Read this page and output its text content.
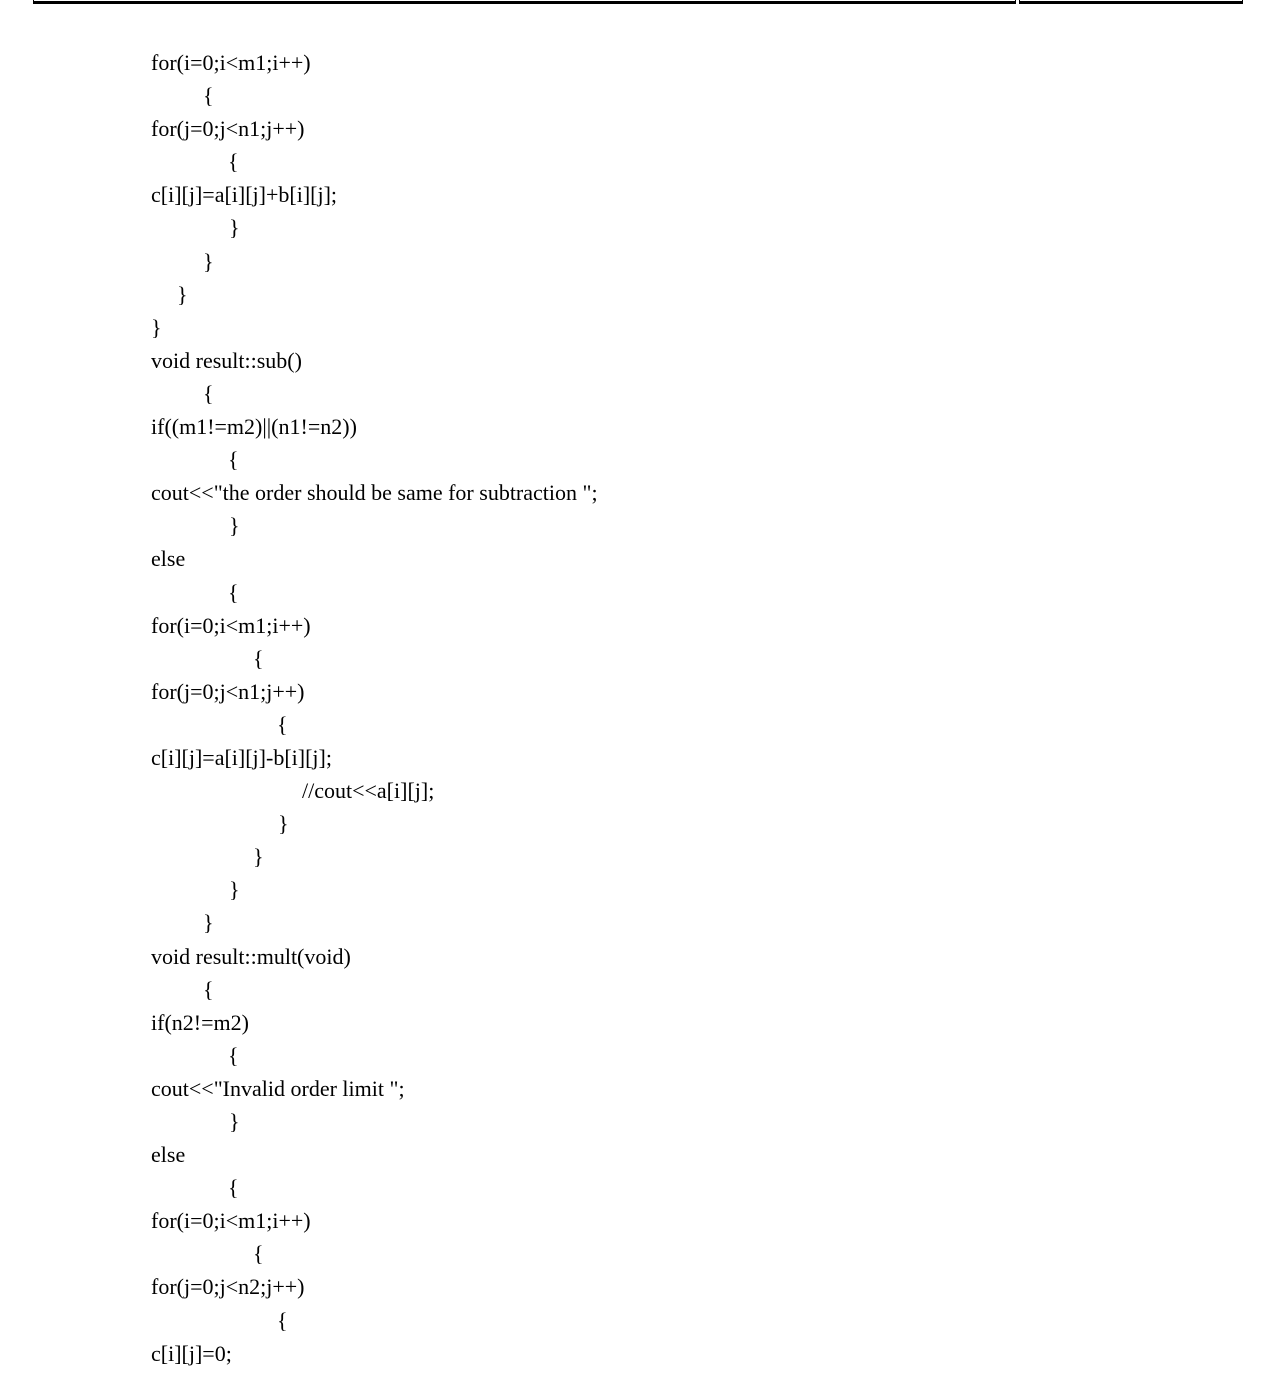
for(i=0;i<m1;i++)
{
for(j=0;j<n1;j++)
{
c[i][j]=a[i][j]+b[i][j];
}
}
}
}
void result::sub()
{
if((m1!=m2)||(n1!=n2))
{
cout<<"the order should be same for subtraction ";
}
else
{
for(i=0;i<m1;i++)
{
for(j=0;j<n1;j++)
{
c[i][j]=a[i][j]-b[i][j];
//cout<<a[i][j];
}
}
}
}
void result::mult(void)
{
if(n2!=m2)
{
cout<<"Invalid order limit ";
}
else
{
for(i=0;i<m1;i++)
{
for(j=0;j<n2;j++)
{
c[i][j]=0;
